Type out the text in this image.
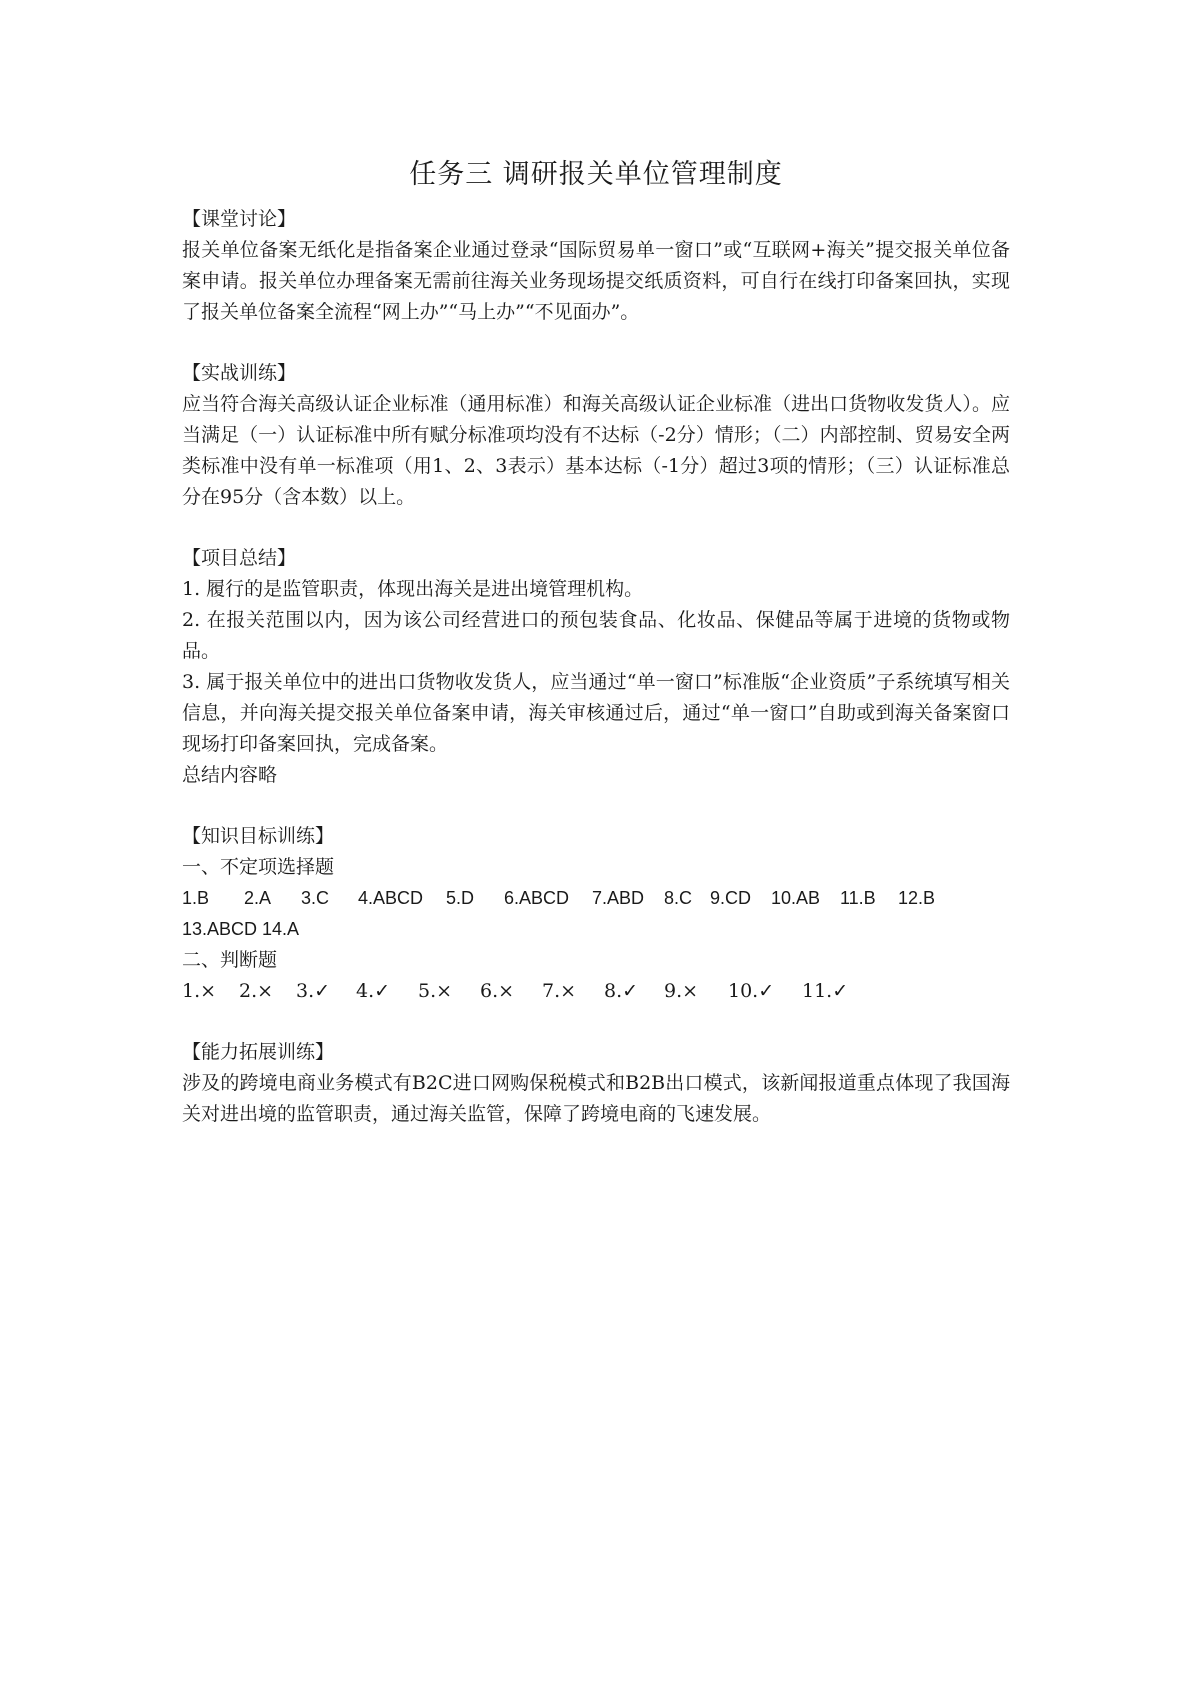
任务三 调研报关单位管理制度

【课堂讨论】

报关单位备案无纸化是指备案企业通过登录“国际贸易单一窗口”或“互联网+海关”提交报关单位备案申请。报关单位办理备案无需前往海关业务现场提交纸质资料，可自行在线打印备案回执，实现了报关单位备案全流程“网上办”“马上办”“不见面办”。

【实战训练】

应当符合海关高级认证企业标准（通用标准）和海关高级认证企业标准（进出口货物收发货人）。应当满足（一）认证标准中所有赋分标准项均没有不达标（-2分）情形；（二）内部控制、贸易安全两类标准中没有单一标准项（用1、2、3表示）基本达标（-1分）超过3项的情形；（三）认证标准总分在95分（含本数）以上。

【项目总结】

1. 履行的是监管职责，体现出海关是进出境管理机构。

2. 在报关范围以内，因为该公司经营进口的预包装食品、化妆品、保健品等属于进境的货物或物品。

3. 属于报关单位中的进出口货物收发货人，应当通过“单一窗口”标准版“企业资质”子系统填写相关信息，并向海关提交报关单位备案申请，海关审核通过后，通过“单一窗口”自助或到海关备案窗口现场打印备案回执，完成备案。

总结内容略

【知识目标训练】

一、不定项选择题

1.B	2.A	3.C	4.ABCD	5.D	6.ABCD	7.ABD	8.C 9.CD	10.AB	11.B	12.B
13.ABCD 14.A

二、判断题

1.×	2.×	3.✓	4.✓	5.×	6.×	7.×	8.✓	9.×	10.✓	11.✓

【能力拓展训练】

涉及的跨境电商业务模式有B2C进口网购保税模式和B2B出口模式，该新闻报道重点体现了我国海关对进出境的监管职责，通过海关监管，保障了跨境电商的飞速发展。
